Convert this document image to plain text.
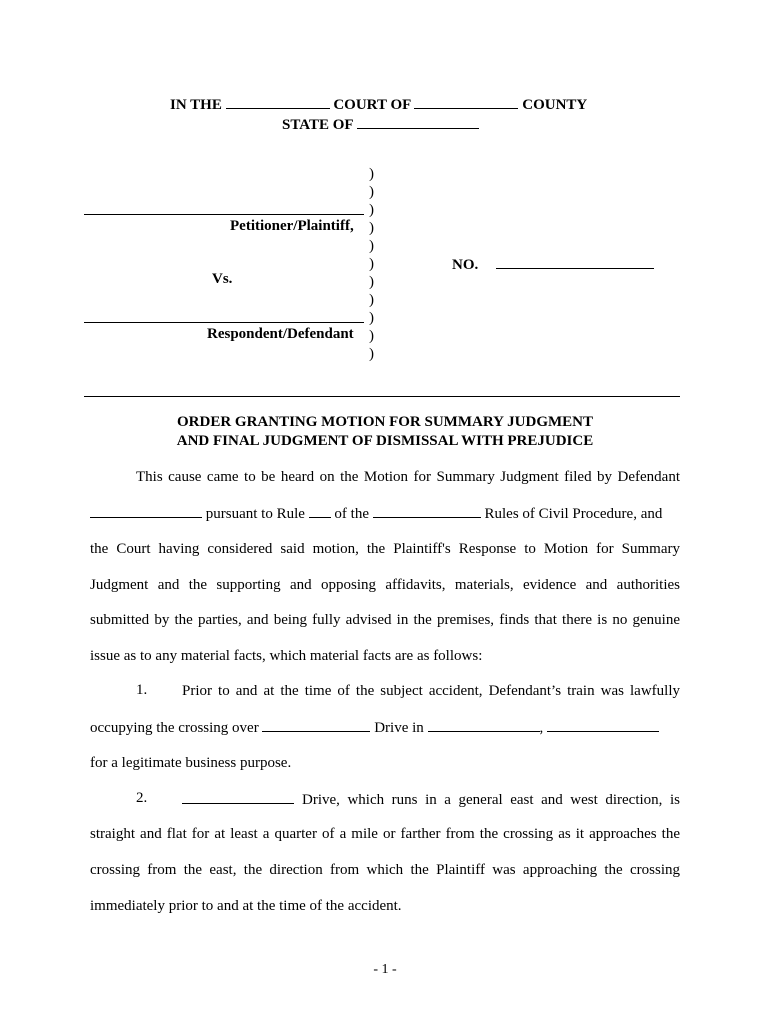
IN THE	COURT OF	COUNTY
STATE OF
Petitioner/Plaintiff,
Vs.
Respondent/Defendant
)
)
)
)
)
)
)
)
)
)
)
NO.
ORDER GRANTING MOTION FOR SUMMARY JUDGMENT
AND FINAL JUDGMENT OF DISMISSAL WITH PREJUDICE
This cause came to be heard on the Motion for Summary Judgment filed by Defendant
pursuant to Rule of the	Rules of Civil Procedure, and
the Court having considered said motion, the Plaintiff's Response to Motion for Summary
Judgment and the supporting and opposing affidavits, materials, evidence and authorities
submitted by the parties, and being fully advised in the premises, finds that there is no genuine
issue as to any material facts, which material facts are as follows:
1. Prior to and at the time of the subject accident, Defendant’s train was lawfully
occupying the crossing over	Drive in	,
for a legitimate business purpose.
2.	Drive, which runs in a general east and west direction, is
straight and flat for at least a quarter of a mile or farther from the crossing as it approaches the
crossing from the east, the direction from which the Plaintiff was approaching the crossing
immediately prior to and at the time of the accident.
- 1 -
